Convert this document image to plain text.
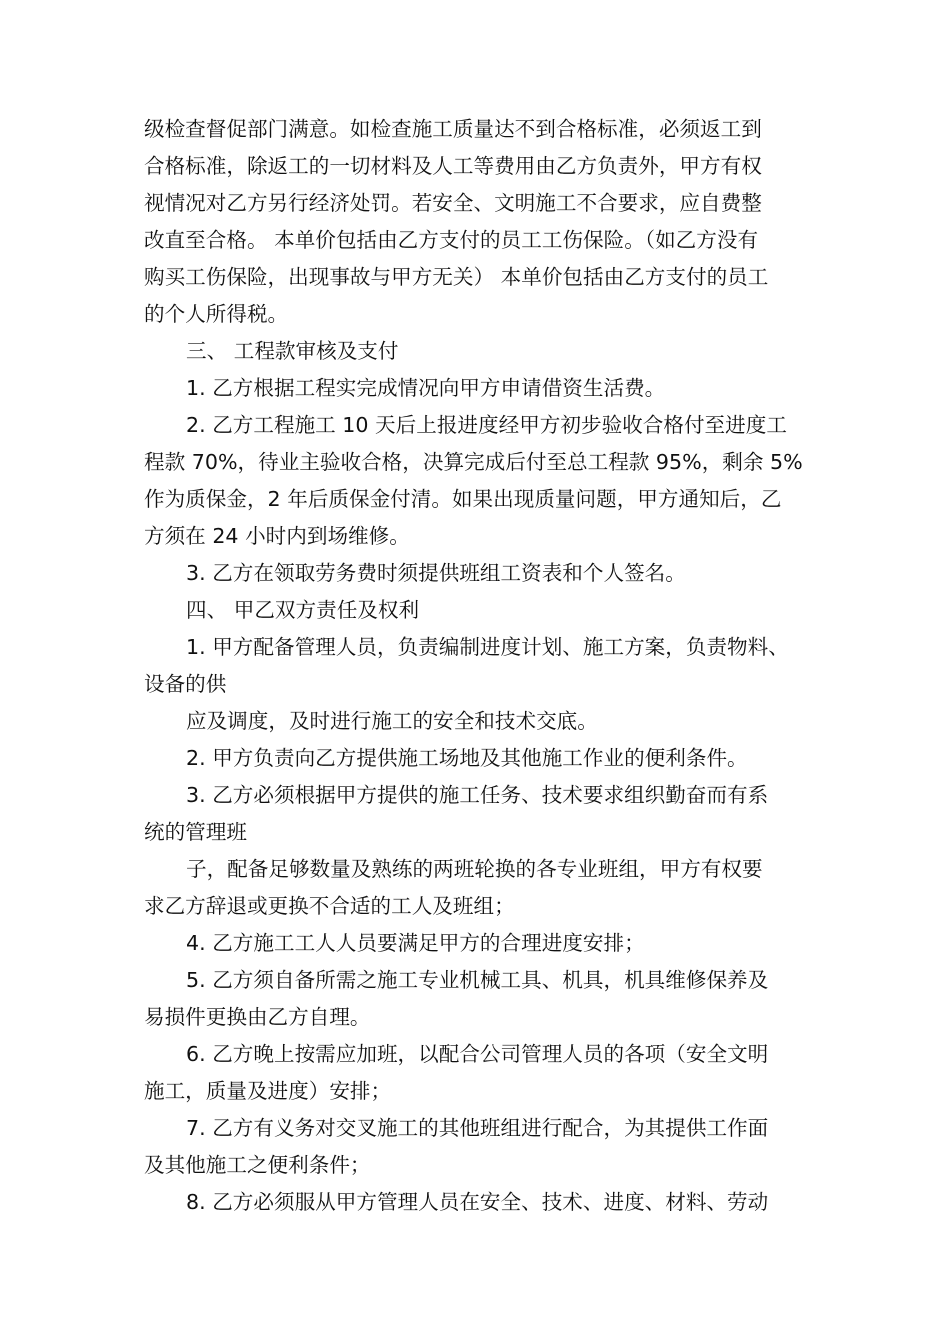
级检查督促部门满意。如检查施工质量达不到合格标准，必须返工到
合格标准，除返工的一切材料及人工等费用由乙方负责外，甲方有权
视情况对乙方另行经济处罚。若安全、文明施工不合要求，应自费整
改直至合格。 本单价包括由乙方支付的员工工伤保险。（如乙方没有
购买工伤保险，出现事故与甲方无关） 本单价包括由乙方支付的员工
的个人所得税。
三、 工程款审核及支付
1. 乙方根据工程实完成情况向甲方申请借资生活费。
2. 乙方工程施工 10 天后上报进度经甲方初步验收合格付至进度工
程款 70%，待业主验收合格，决算完成后付至总工程款 95%，剩余 5%
作为质保金，2 年后质保金付清。如果出现质量问题，甲方通知后，乙
方须在 24 小时内到场维修。
3. 乙方在领取劳务费时须提供班组工资表和个人签名。
四、 甲乙双方责任及权利
1. 甲方配备管理人员，负责编制进度计划、施工方案，负责物料、
设备的供
应及调度，及时进行施工的安全和技术交底。
2. 甲方负责向乙方提供施工场地及其他施工作业的便利条件。
3. 乙方必须根据甲方提供的施工任务、技术要求组织勤奋而有系
统的管理班
子，配备足够数量及熟练的两班轮换的各专业班组，甲方有权要
求乙方辞退或更换不合适的工人及班组；
4. 乙方施工工人人员要满足甲方的合理进度安排；
5. 乙方须自备所需之施工专业机械工具、机具，机具维修保养及
易损件更换由乙方自理。
6. 乙方晚上按需应加班，以配合公司管理人员的各项（安全文明
施工，质量及进度）安排；
7. 乙方有义务对交叉施工的其他班组进行配合，为其提供工作面
及其他施工之便利条件；
8. 乙方必须服从甲方管理人员在安全、技术、进度、材料、劳动
